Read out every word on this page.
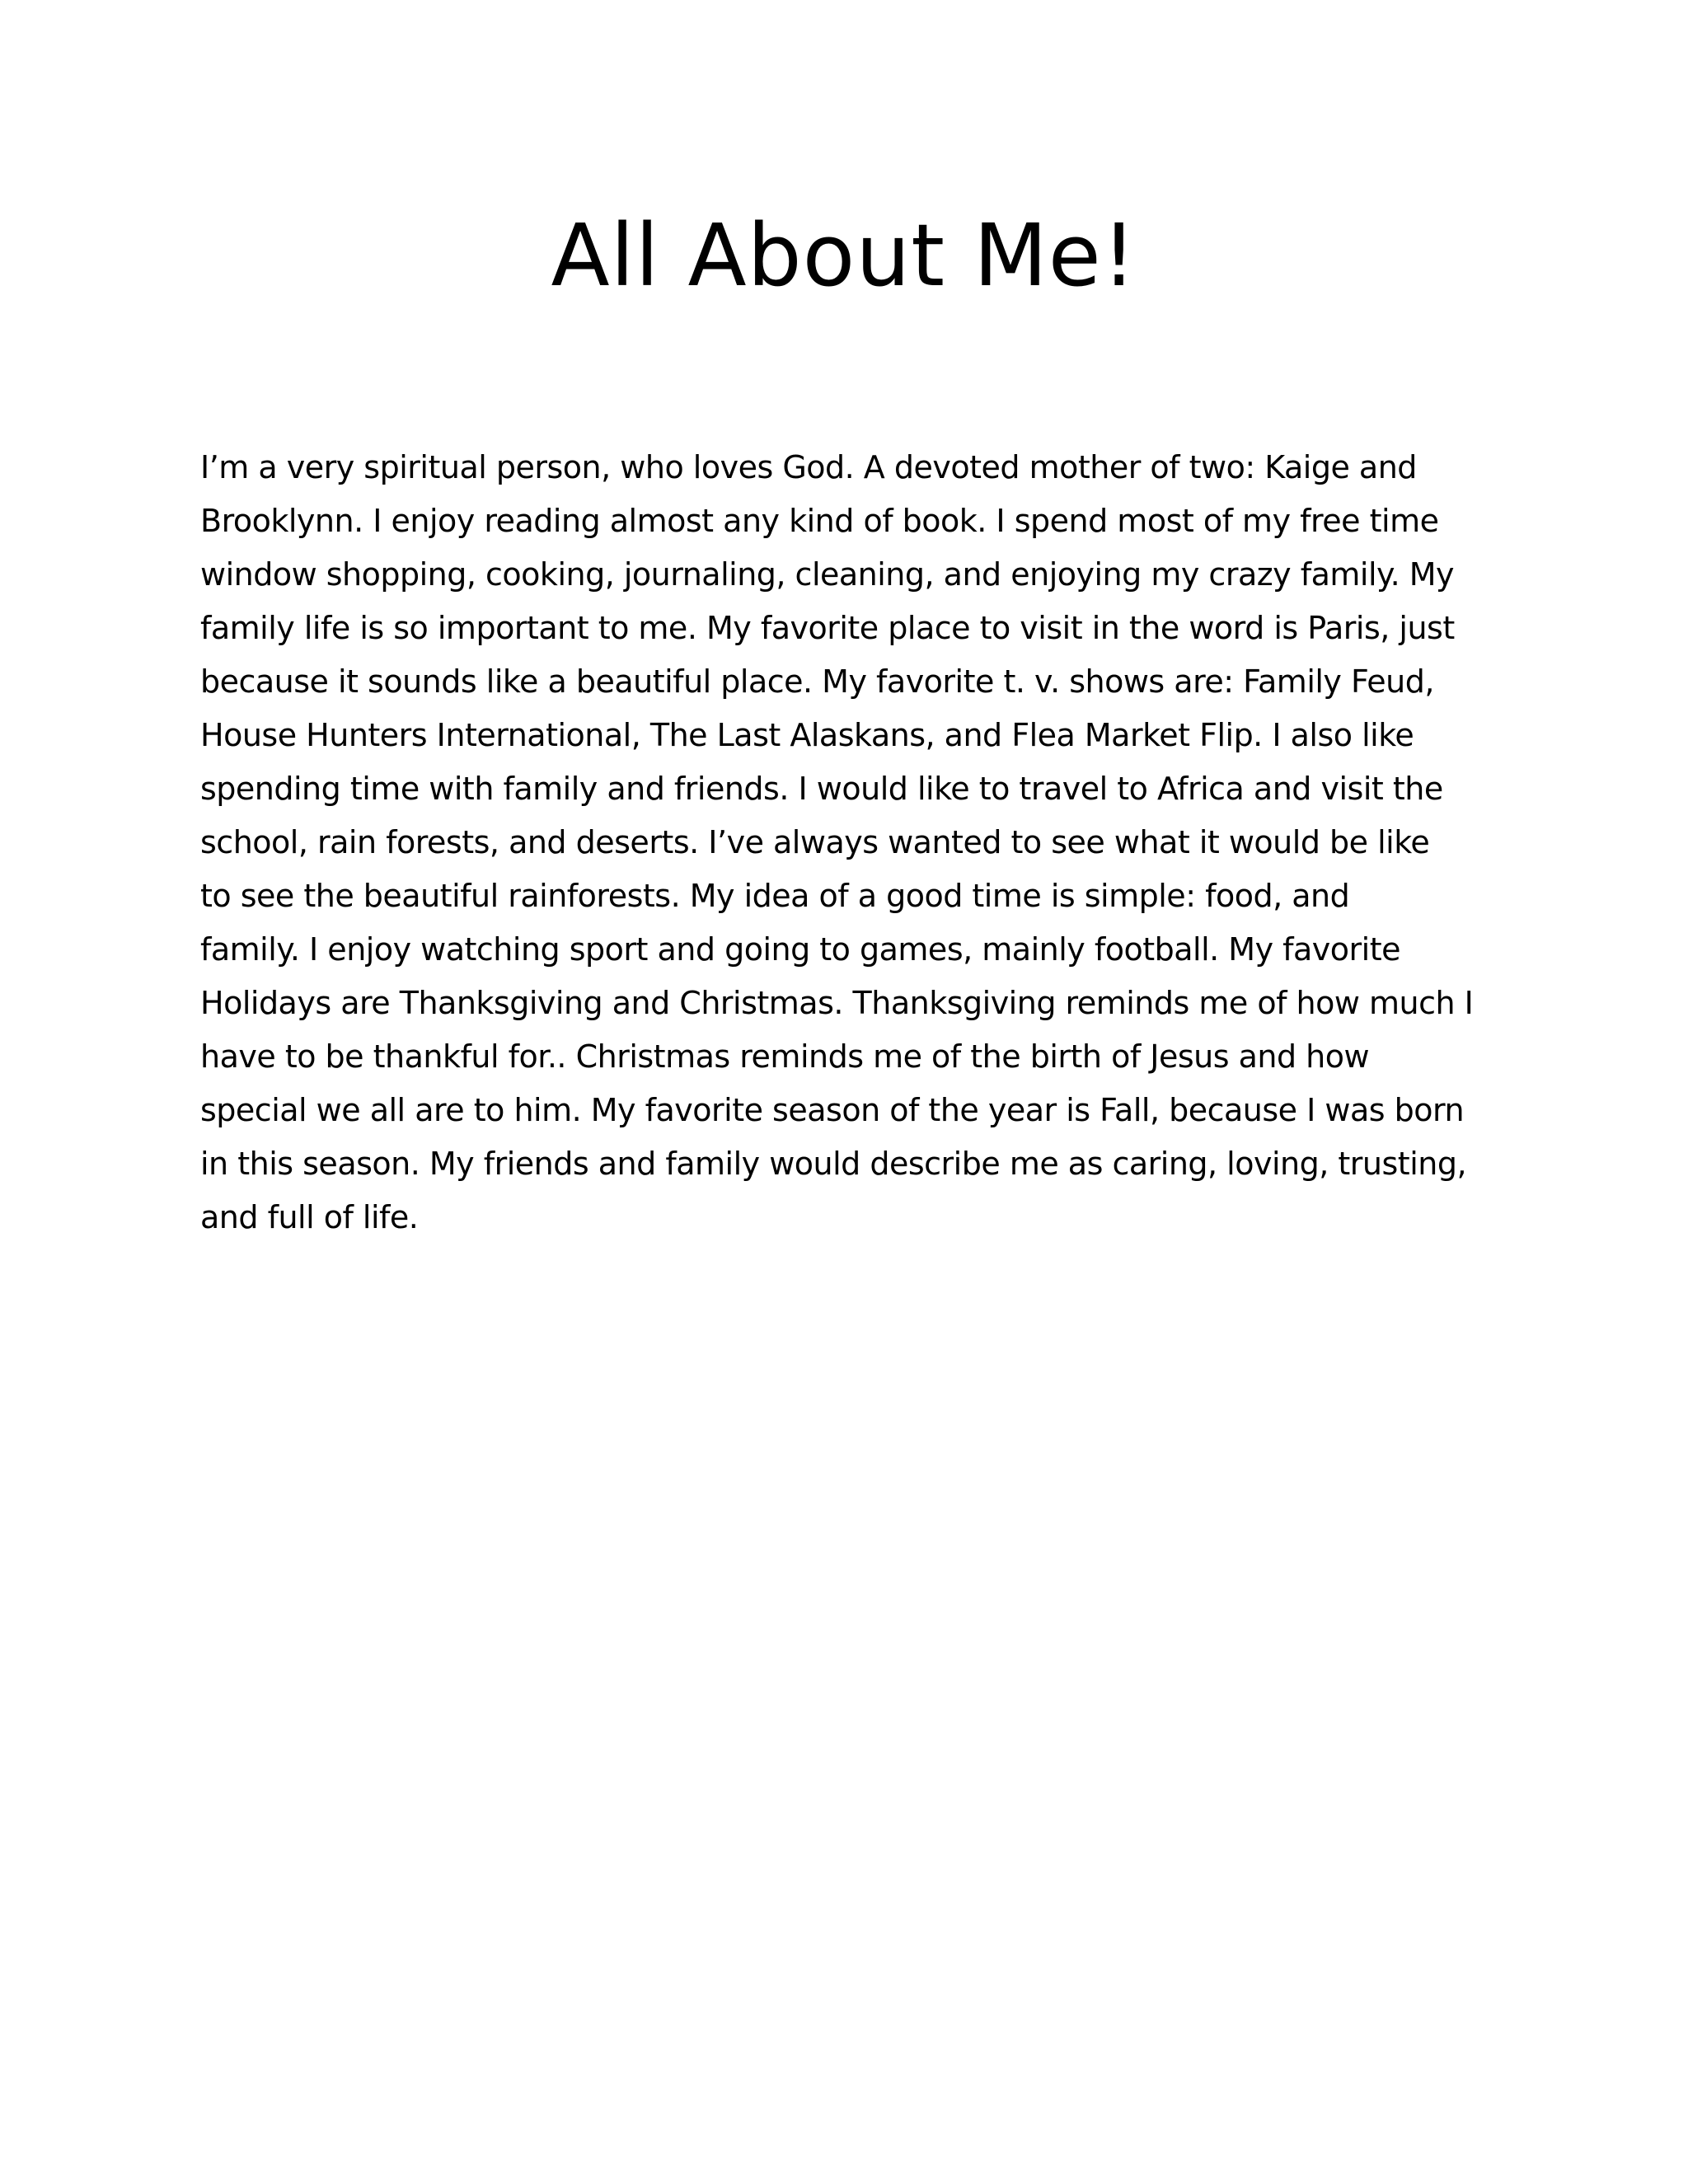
All About Me!
I’m a very spiritual person, who loves God. A devoted mother of two: Kaige and
Brooklynn. I enjoy reading almost any kind of book. I spend most of my free time
window shopping, cooking, journaling, cleaning, and enjoying my crazy family. My
family life is so important to me. My favorite place to visit in the word is Paris, just
because it sounds like a beautiful place. My favorite t. v. shows are: Family Feud,
House Hunters International, The Last Alaskans, and Flea Market Flip. I also like
spending time with family and friends. I would like to travel to Africa and visit the
school, rain forests, and deserts. I’ve always wanted to see what it would be like
to see the beautiful rainforests. My idea of a good time is simple: food, and
family. I enjoy watching sport and going to games, mainly football. My favorite
Holidays are Thanksgiving and Christmas. Thanksgiving reminds me of how much I
have to be thankful for.. Christmas reminds me of the birth of Jesus and how
special we all are to him. My favorite season of the year is Fall, because I was born
in this season. My friends and family would describe me as caring, loving, trusting,
and full of life.
